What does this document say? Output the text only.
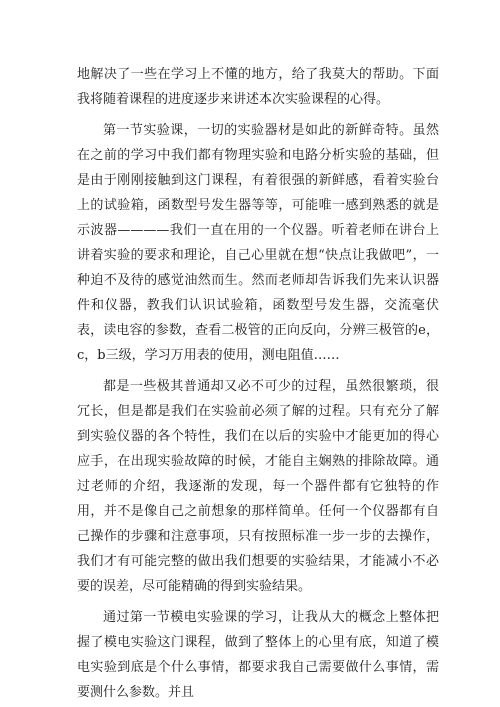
地解决了一些在学习上不懂的地方，给了我莫大的帮助。下面我将随着课程的进度逐步来讲述本次实验课程的心得。

第一节实验课，一切的实验器材是如此的新鲜奇特。虽然在之前的学习中我们都有物理实验和电路分析实验的基础，但是由于刚刚接触到这门课程，有着很强的新鲜感，看着实验台上的试验箱，函数型号发生器等等，可能唯一感到熟悉的就是示波器————我们一直在用的一个仪器。听着老师在讲台上讲着实验的要求和理论，自己心里就在想“快点让我做吧”，一种迫不及待的感觉油然而生。然而老师却告诉我们先来认识器件和仪器，教我们认识试验箱，函数型号发生器，交流毫伏表，读电容的参数，查看二极管的正向反向，分辨三极管的e，c，b三级，学习万用表的使用，测电阻值……

都是一些极其普通却又必不可少的过程，虽然很繁琐，很冗长，但是都是我们在实验前必须了解的过程。只有充分了解到实验仪器的各个特性，我们在以后的实验中才能更加的得心应手，在出现实验故障的时候，才能自主娴熟的排除故障。通过老师的介绍，我逐渐的发现，每一个器件都有它独特的作用，并不是像自己之前想象的那样简单。任何一个仪器都有自己操作的步骤和注意事项，只有按照标准一步一步的去操作，我们才有可能完整的做出我们想要的实验结果，才能减小不必要的误差，尽可能精确的得到实验结果。

通过第一节模电实验课的学习，让我从大的概念上整体把握了模电实验这门课程，做到了整体上的心里有底，知道了模电实验到底是个什么事情，都要求我自己需要做什么事情，需要测什么参数。并且
